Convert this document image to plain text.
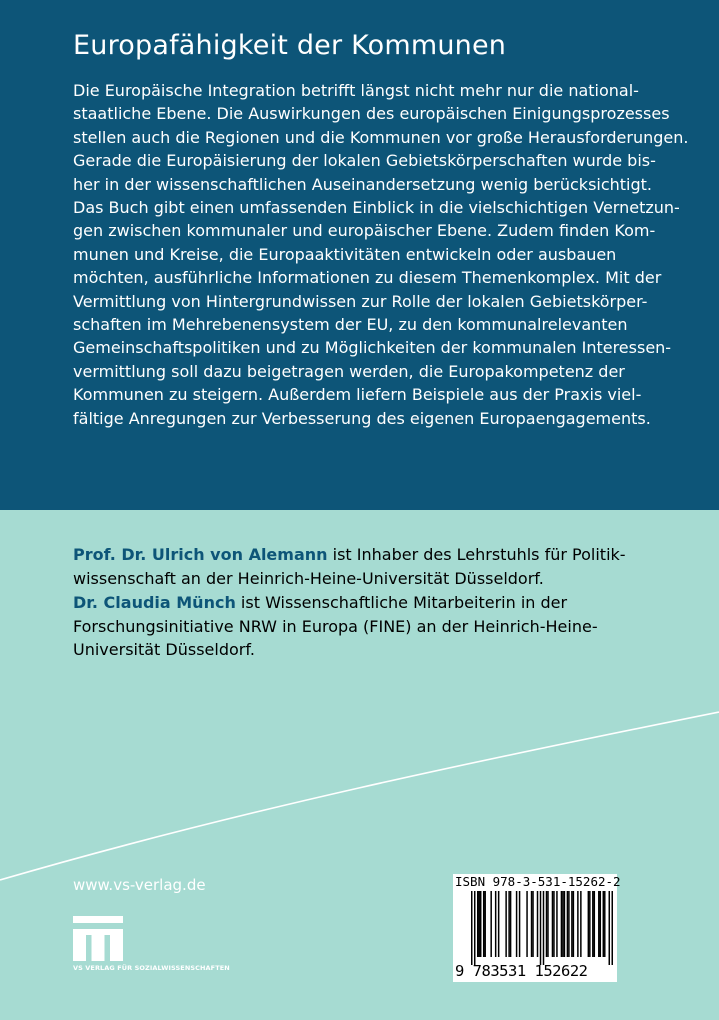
Europafähigkeit der Kommunen
Die Europäische Integration betrifft längst nicht mehr nur die national-
staatliche Ebene. Die Auswirkungen des europäischen Einigungsprozesses
stellen auch die Regionen und die Kommunen vor große Herausforderungen.
Gerade die Europäisierung der lokalen Gebietskörperschaften wurde bis-
her in der wissenschaftlichen Auseinandersetzung wenig berücksichtigt.
Das Buch gibt einen umfassenden Einblick in die vielschichtigen Vernetzun-
gen zwischen kommunaler und europäischer Ebene. Zudem finden Kom-
munen und Kreise, die Europaaktivitäten entwickeln oder ausbauen
möchten, ausführliche Informationen zu diesem Themenkomplex. Mit der
Vermittlung von Hintergrundwissen zur Rolle der lokalen Gebietskörper-
schaften im Mehrebenensystem der EU, zu den kommunalrelevanten
Gemeinschaftspolitiken und zu Möglichkeiten der kommunalen Interessen-
vermittlung soll dazu beigetragen werden, die Europakompetenz der
Kommunen zu steigern. Außerdem liefern Beispiele aus der Praxis viel-
fältige Anregungen zur Verbesserung des eigenen Europaengagements.
Prof. Dr. Ulrich von Alemann ist Inhaber des Lehrstuhls für Politik-
wissenschaft an der Heinrich-Heine-Universität Düsseldorf.
Dr. Claudia Münch ist Wissenschaftliche Mitarbeiterin in der
Forschungsinitiative NRW in Europa (FINE) an der Heinrich-Heine-
Universität Düsseldorf.
www.vs-verlag.de
VS VERLAG FÜR SOZIALWISSENSCHAFTEN
ISBN 978-3-531-15262-2
9 783531 152622
